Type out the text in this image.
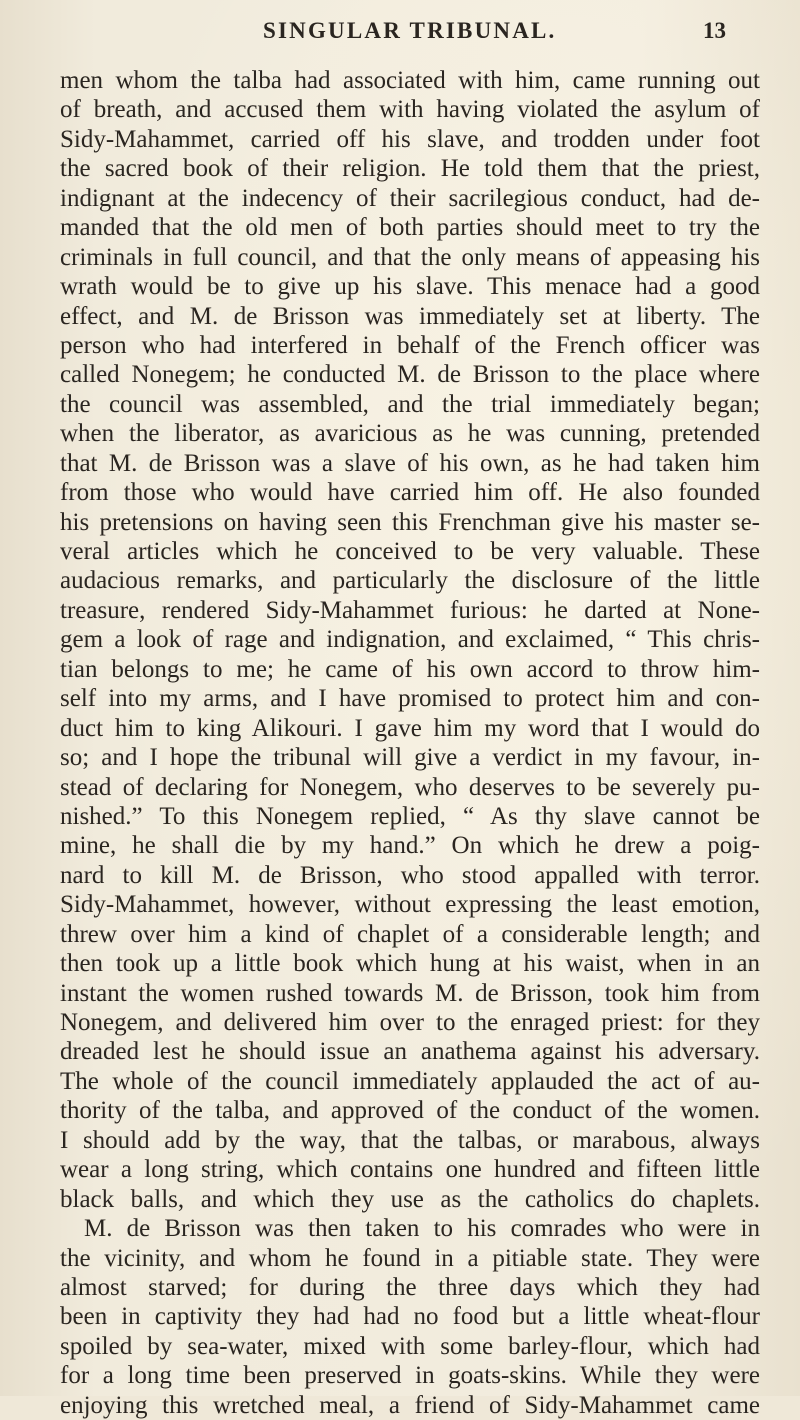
SINGULAR TRIBUNAL.	13
men whom the talba had associated with him, came running out
of breath, and accused them with having violated the asylum of
Sidy-Mahammet, carried off his slave, and trodden under foot
the sacred book of their religion. He told them that the priest,
indignant at the indecency of their sacrilegious conduct, had de-
manded that the old men of both parties should meet to try the
criminals in full council, and that the only means of appeasing his
wrath would be to give up his slave. This menace had a good
effect, and M. de Brisson was immediately set at liberty. The
person who had interfered in behalf of the French officer was
called Nonegem; he conducted M. de Brisson to the place where
the council was assembled, and the trial immediately began;
when the liberator, as avaricious as he was cunning, pretended
that M. de Brisson was a slave of his own, as he had taken him
from those who would have carried him off. He also founded
his pretensions on having seen this Frenchman give his master se-
veral articles which he conceived to be very valuable. These
audacious remarks, and particularly the disclosure of the little
treasure, rendered Sidy-Mahammet furious: he darted at None-
gem a look of rage and indignation, and exclaimed, “ This chris-
tian belongs to me; he came of his own accord to throw him-
self into my arms, and I have promised to protect him and con-
duct him to king Alikouri. I gave him my word that I would do
so; and I hope the tribunal will give a verdict in my favour, in-
stead of declaring for Nonegem, who deserves to be severely pu-
nished.” To this Nonegem replied, “ As thy slave cannot be
mine, he shall die by my hand.” On which he drew a poig-
nard to kill M. de Brisson, who stood appalled with terror.
Sidy-Mahammet, however, without expressing the least emotion,
threw over him a kind of chaplet of a considerable length; and
then took up a little book which hung at his waist, when in an
instant the women rushed towards M. de Brisson, took him from
Nonegem, and delivered him over to the enraged priest: for they
dreaded lest he should issue an anathema against his adversary.
The whole of the council immediately applauded the act of au-
thority of the talba, and approved of the conduct of the women.
I should add by the way, that the talbas, or marabous, always
wear a long string, which contains one hundred and fifteen little
black balls, and which they use as the catholics do chaplets.
M. de Brisson was then taken to his comrades who were in
the vicinity, and whom he found in a pitiable state. They were
almost starved; for during the three days which they had
been in captivity they had had no food but a little wheat-flour
spoiled by sea-water, mixed with some barley-flour, which had
for a long time been preserved in goats-skins. While they were
enjoying this wretched meal, a friend of Sidy-Mahammet came
